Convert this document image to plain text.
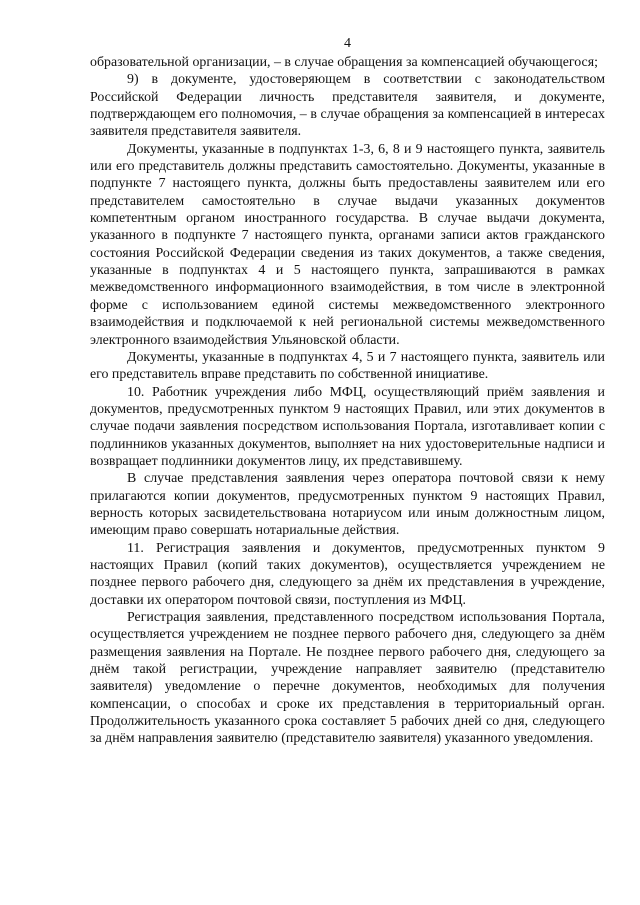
4

образовательной организации, – в случае обращения за компенсацией обучающегося;

9) в документе, удостоверяющем в соответствии с законодательством Российской Федерации личность представителя заявителя, и документе, подтверждающем его полномочия, – в случае обращения за компенсацией в интересах заявителя представителя заявителя.

Документы, указанные в подпунктах 1-3, 6, 8 и 9 настоящего пункта, заявитель или его представитель должны представить самостоятельно. Документы, указанные в подпункте 7 настоящего пункта, должны быть предоставлены заявителем или его представителем самостоятельно в случае выдачи указанных документов компетентным органом иностранного государства. В случае выдачи документа, указанного в подпункте 7 настоящего пункта, органами записи актов гражданского состояния Российской Федерации сведения из таких документов, а также сведения, указанные в подпунктах 4 и 5 настоящего пункта, запрашиваются в рамках межведомственного информационного взаимодействия, в том числе в электронной форме с использованием единой системы межведомственного электронного взаимодействия и подключаемой к ней региональной системы межведомственного электронного взаимодействия Ульяновской области.

Документы, указанные в подпунктах 4, 5 и 7 настоящего пункта, заявитель или его представитель вправе представить по собственной инициативе.

10. Работник учреждения либо МФЦ, осуществляющий приём заявления и документов, предусмотренных пунктом 9 настоящих Правил, или этих документов в случае подачи заявления посредством использования Портала, изготавливает копии с подлинников указанных документов, выполняет на них удостоверительные надписи и возвращает подлинники документов лицу, их представившему.

В случае представления заявления через оператора почтовой связи к нему прилагаются копии документов, предусмотренных пунктом 9 настоящих Правил, верность которых засвидетельствована нотариусом или иным должностным лицом, имеющим право совершать нотариальные действия.

11. Регистрация заявления и документов, предусмотренных пунктом 9 настоящих Правил (копий таких документов), осуществляется учреждением не позднее первого рабочего дня, следующего за днём их представления в учреждение, доставки их оператором почтовой связи, поступления из МФЦ.

Регистрация заявления, представленного посредством использования Портала, осуществляется учреждением не позднее первого рабочего дня, следующего за днём размещения заявления на Портале. Не позднее первого рабочего дня, следующего за днём такой регистрации, учреждение направляет заявителю (представителю заявителя) уведомление о перечне документов, необходимых для получения компенсации, о способах и сроке их представления в территориальный орган. Продолжительность указанного срока составляет 5 рабочих дней со дня, следующего за днём направления заявителю (представителю заявителя) указанного уведомления.
